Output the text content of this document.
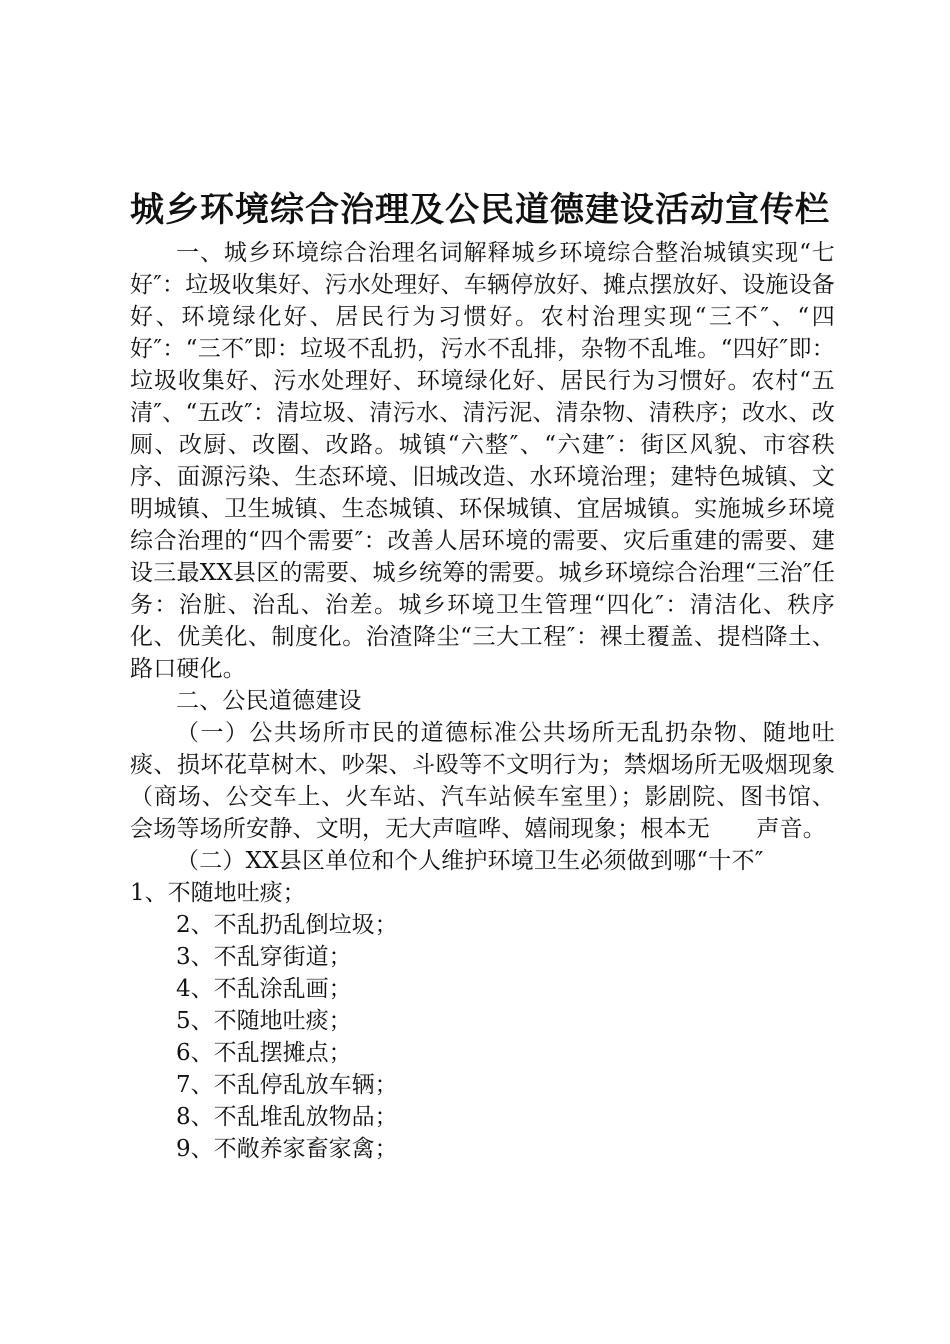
城乡环境综合治理及公民道德建设活动宣传栏

一、城乡环境综合治理名词解释城乡环境综合整治城镇实现“七好″：垃圾收集好、污水处理好、车辆停放好、摊点摆放好、设施设备好、环境绿化好、居民行为习惯好。农村治理实现“三不″、“四好″：“三不″即：垃圾不乱扔，污水不乱排，杂物不乱堆。“四好″即：垃圾收集好、污水处理好、环境绿化好、居民行为习惯好。农村“五清″、“五改″：清垃圾、清污水、清污泥、清杂物、清秩序；改水、改厕、改厨、改圈、改路。城镇“六整″、“六建″：街区风貌、市容秩序、面源污染、生态环境、旧城改造、水环境治理；建特色城镇、文明城镇、卫生城镇、生态城镇、环保城镇、宜居城镇。实施城乡环境综合治理的“四个需要″：改善人居环境的需要、灾后重建的需要、建设三最XX县区的需要、城乡统筹的需要。城乡环境综合治理“三治″任务：治脏、治乱、治差。城乡环境卫生管理“四化″：清洁化、秩序化、优美化、制度化。治渣降尘“三大工程″：裸土覆盖、提档降土、路口硬化。

二、公民道德建设

（一）公共场所市民的道德标准公共场所无乱扔杂物、随地吐痰、损坏花草树木、吵架、斗殴等不文明行为；禁烟场所无吸烟现象（商场、公交车上、火车站、汽车站候车室里）；影剧院、图书馆、会场等场所安静、文明，无大声喧哗、嬉闹现象；根本无　　声音。

（二）XX县区单位和个人维护环境卫生必须做到哪“十不″

1、不随地吐痰；
2、不乱扔乱倒垃圾；
3、不乱穿街道；
4、不乱涂乱画；
5、不随地吐痰；
6、不乱摆摊点；
7、不乱停乱放车辆；
8、不乱堆乱放物品；
9、不敞养家畜家禽；
